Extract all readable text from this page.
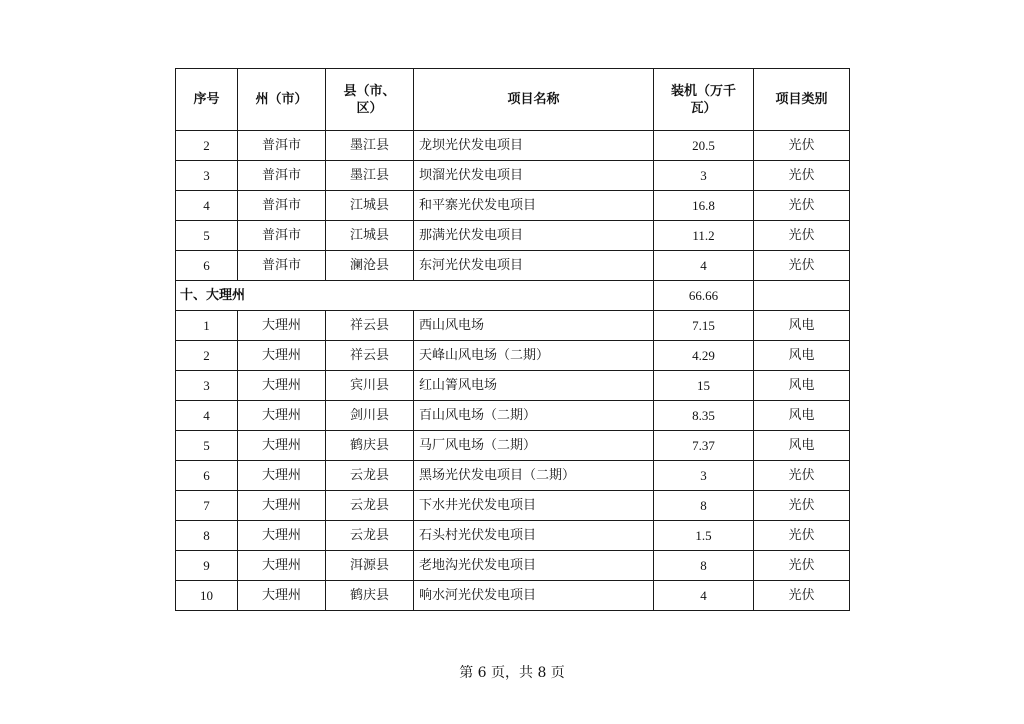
序号	州（市）	县（市、区）	项目名称	装机（万千瓦）	项目类别
2	普洱市	墨江县	龙坝光伏发电项目	20.5	光伏
3	普洱市	墨江县	坝溜光伏发电项目	3	光伏
4	普洱市	江城县	和平寨光伏发电项目	16.8	光伏
5	普洱市	江城县	那满光伏发电项目	11.2	光伏
6	普洱市	澜沧县	东河光伏发电项目	4	光伏
十、大理州				66.66	
1	大理州	祥云县	西山风电场	7.15	风电
2	大理州	祥云县	天峰山风电场（二期）	4.29	风电
3	大理州	宾川县	红山箐风电场	15	风电
4	大理州	剑川县	百山风电场（二期）	8.35	风电
5	大理州	鹤庆县	马厂风电场（二期）	7.37	风电
6	大理州	云龙县	黑场光伏发电项目（二期）	3	光伏
7	大理州	云龙县	下水井光伏发电项目	8	光伏
8	大理州	云龙县	石头村光伏发电项目	1.5	光伏
9	大理州	洱源县	老地沟光伏发电项目	8	光伏
10	大理州	鹤庆县	响水河光伏发电项目	4	光伏
第 6 页，共 8 页
